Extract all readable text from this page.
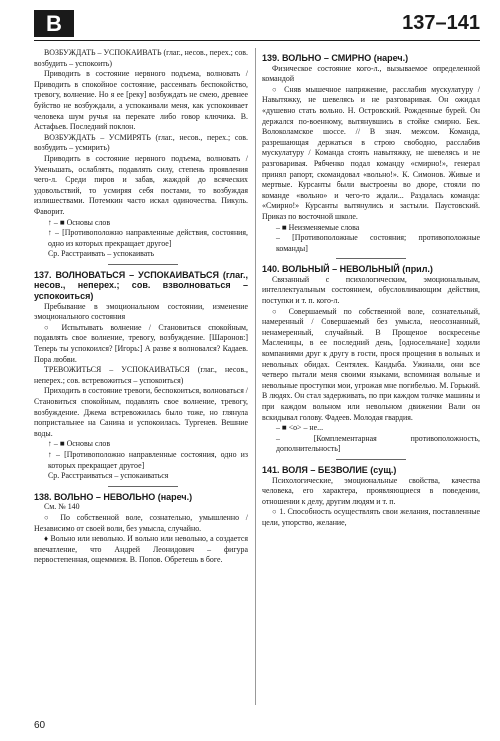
В	137–141

ВОЗБУЖДАТЬ – УСПОКАИВАТЬ (глаг., несов., перех.; сов. возбудить – успокоить)

Приводить в состояние нервного подъема, волновать / Приводить в спокойное состояние, рассеивать беспокойство, тревогу, волнение. Но я ее [реку] возбуждать не смею, древнее буйство не возбуждали, а успокаивали меня, как успокоивает человека шум ручья на перекате либо говор ключика. В. Астафьев. Последний поклон.

ВОЗБУЖДАТЬ – УСМИРЯТЬ (глаг., несов., перех.; сов. возбудить – усмирить)

Приводить в состояние нервного подъема, волновать / Уменьшать, ослаблять, подавлять силу, степень проявления чего-л. Среди пиров и забав, жаждой до всяческих удовольствий, то усмиряя себя постами, то возбуждая излишествами. Потемкин часто искал одиночества. Пикуль. Фаворит.

↑ – ■ Основы слов

↑ – [Противоположно направленные действия, состояния, одно из которых прекращает другое]

Ср. Расстраивать – успокаивать

137. ВОЛНОВАТЬСЯ – УСПОКАИВАТЬСЯ (глаг., несов., неперех.; сов. взволноваться – успокоиться)

Пребывание в эмоциональном состоянии, изменение эмоционального состояния

○ Испытывать волнение / Становиться спокойным, подавлять свое волнение, тревогу, возбуждение. [Шаронов:] Теперь ты успокоился? [Игорь:] А разве я волновался? Кадаев. Пора любви.

ТРЕВОЖИТЬСЯ – УСПОКАИВАТЬСЯ (глаг., несов., неперех.; сов. встревожиться – успокоиться)

Приходить в состояние тревоги, беспокоиться, волноваться / Становиться спокойным, подавлять свое волнение, тревогу, возбуждение. Джема встревожилась было тоже, но глянула попристальнее на Санина и успокоилась. Тургенев. Вешние воды.

↑ – ■ Основы слов

↑ – [Противоположно направленные состояния, одно из которых прекращает другое]

Ср. Расстраиваться – успокаиваться

138. ВОЛЬНО – НЕВОЛЬНО (нареч.)

См. № 140

○ По собственной воле, сознательно, умышленно / Независимо от своей воли, без умысла, случайно.

♦ Вольно или невольно. И вольно или невольно, а создается впечатление, что Андрей Леонидович – фигура первостепенная, ощеммиэя. В. Попов. Обретешь в боге.

139. ВОЛЬНО – СМИРНО (нареч.)

Физическое состояние кого-л., вызываемое определенной командой

○ Сняв мышечное напряжение, расслабив мускулатуру / Навытяжку, не шевелясь и не разговаривая. Он ожидал «душевно стать вольно. Н. Островский. Рожденные бурей. Он держался по-военному, вытянувшись в стойке смирно. Бек. Волоколамское шоссе. // В знач. межсом. Команда, разрешающая держаться в строю свободно, расслабив мускулатуру / Команда стоять навытяжку, не шевелясь и не разговаривая. Рябченко подал команду «смирно!», генерал принял рапорт, скомандовал «вольно!». К. Симонов. Живые и мертвые. Курсанты были выстроены во дворе, стояли по команде «вольно» и чего-то ждали... Раздалась команда: «Смирно!» Курсанты вытянулись и застыли. Паустовский. Приказ по восточной школе.

– ■ Неизменяемые слова

– [Противоположные состояния; противоположные команды]

140. ВОЛЬНЫЙ – НЕВОЛЬНЫЙ (прил.)

Связанный с психологическим, эмоциональным, интеллектуальным состоянием, обусловливающим действия, поступки и т. п. кого-л.

○ Совершаемый по собственной воле, сознательный, намеренный / Совершаемый без умысла, неосознанный, ненамеренный, случайный. В Прощеное воскресенье Масленицы, в ее последний день, [односельчане] ходили компаниями друг к другу в гости, прося прощения в вольных и невольных обидах. Сентялек. Кандыба. Ужинали, они все четверо пытали меня своими языками, вспоминая вольные и невольные проступки мои, угрожая мне погибелью. М. Горький. В людях. Он стал задерживать, по при каждом толчке машины и при каждом вольном или невольном движении Вали он вскидывал голову. Фадеев. Молодая гвардия.

– ■ <о> – не...

– [Комплементарная противоположность, дополнительность]

141. ВОЛЯ – БЕЗВОЛИЕ (сущ.)

Психологические, эмоциональные свойства, качества человека, его характера, проявляющиеся в поведении, отношении к делу, другим людям и т. п.

○ 1. Способность осуществлять свои желания, поставленные цели, упорство, желание,

60
